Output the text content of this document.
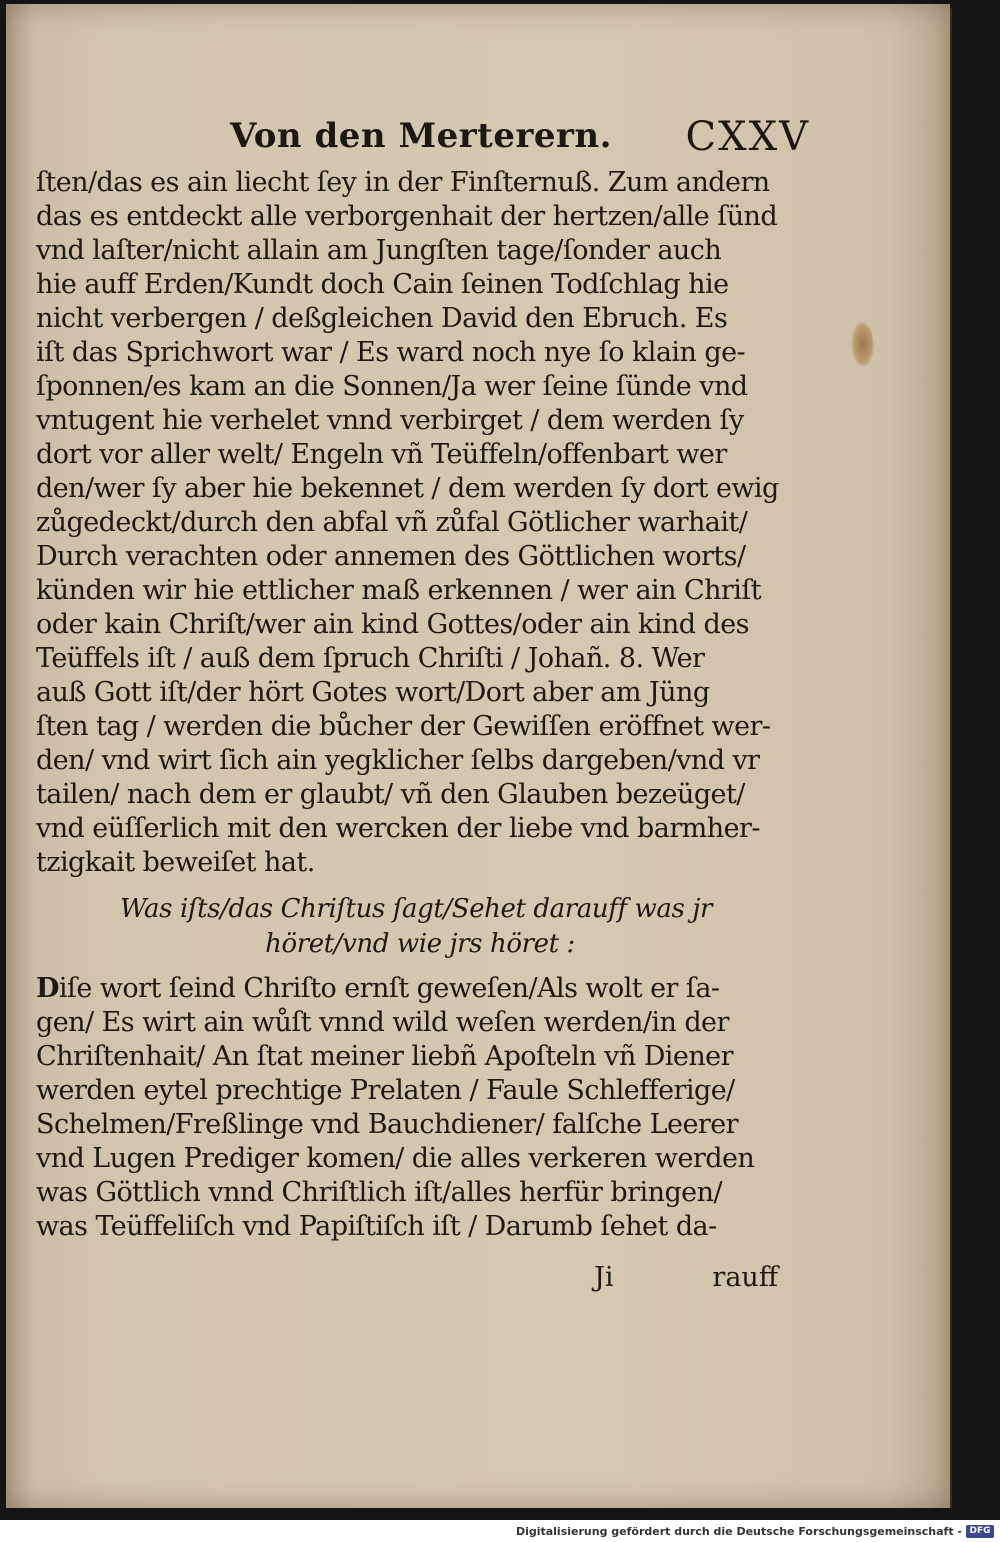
Von den Merterern. CXXV
ſten/das es ain liecht ſey in der Finſternuß. Zum andern
das es entdeckt alle verborgenhait der hertzen/alle ſünd
vnd laſter/nicht allain am Jungſten tage/ſonder auch
hie auff Erden/Kundt doch Cain ſeinen Todſchlag hie
nicht verbergen / deßgleichen David den Ebruch. Es
iſt das Sprichwort war / Es ward noch nye ſo klain ge-
ſponnen/es kam an die Sonnen/Ja wer ſeine ſünde vnd
vntugent hie verhelet vnnd verbirget / dem werden ſy
dort vor aller welt/ Engeln vñ Teüffeln/offenbart wer
den/wer ſy aber hie bekennet / dem werden ſy dort ewig
zůgedeckt/durch den abfal vñ zůfal Götlicher warhait/
Durch verachten oder annemen des Göttlichen worts/
künden wir hie ettlicher maß erkennen / wer ain Chriſt
oder kain Chriſt/wer ain kind Gottes/oder ain kind des
Teüffels iſt / auß dem ſpruch Chriſti / Johañ. 8. Wer
auß Gott iſt/der hört Gotes wort/Dort aber am Jüng
ſten tag / werden die bůcher der Gewiſſen eröffnet wer-
den/ vnd wirt ſich ain yegklicher ſelbs dargeben/vnd vr
tailen/ nach dem er glaubt/ vñ den Glauben bezeüget/
vnd eüſſerlich mit den wercken der liebe vnd barmher-
tzigkait beweiſet hat.
Was iſts/das Chriſtus ſagt/Sehet darauff was jr
höret/vnd wie jrs höret :
Diſe wort ſeind Chriſto ernſt geweſen/Als wolt er ſa-
gen/ Es wirt ain wůſt vnnd wild weſen werden/in der
Chriſtenhait/ An ſtat meiner liebñ Apoſteln vñ Diener
werden eytel prechtige Prelaten / Faule Schlefferige/
Schelmen/Freßlinge vnd Bauchdiener/ falſche Leerer
vnd Lugen Prediger komen/ die alles verkeren werden
was Göttlich vnnd Chriſtlich iſt/alles herfür bringen/
was Teüffeliſch vnd Papiſtiſch iſt / Darumb ſehet da-
Ji	rauff
Digitalisierung gefördert durch die Deutsche Forschungsgemeinschaft - DFG
